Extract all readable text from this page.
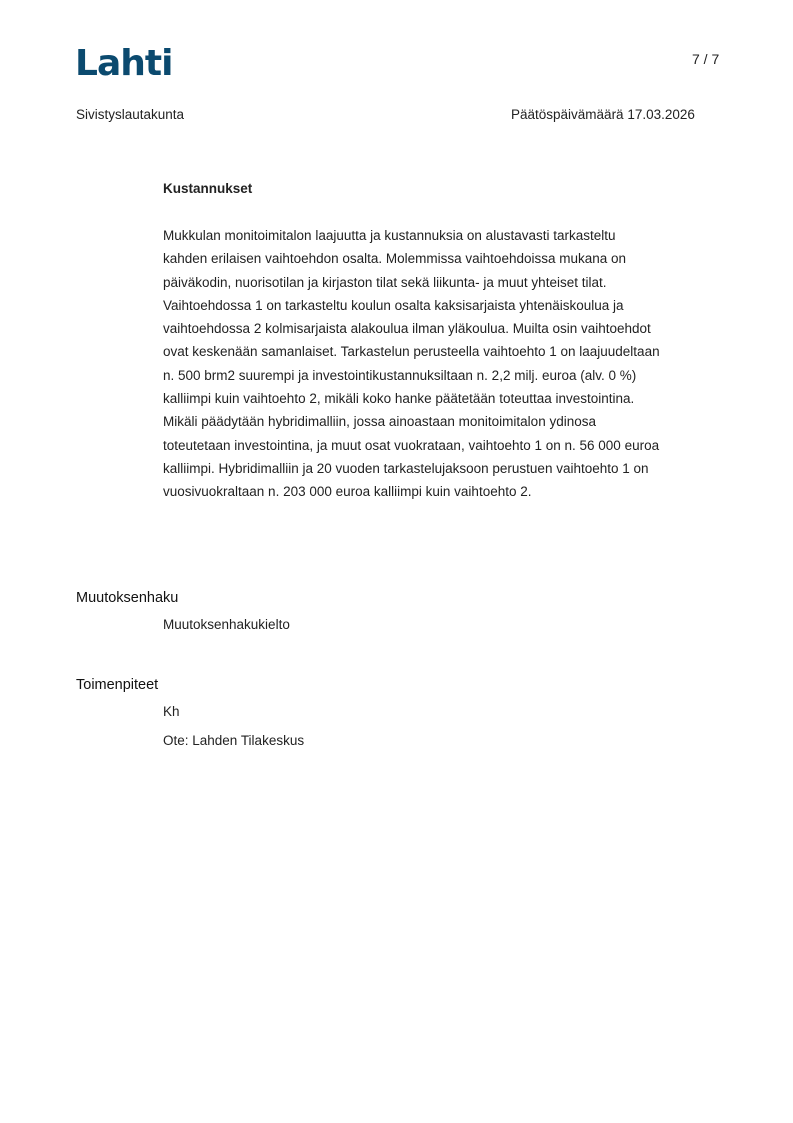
Lahti	7 / 7
Sivistyslautakunta	Päätöspäivämäärä 17.03.2026
Kustannukset
Mukkulan monitoimitalon laajuutta ja kustannuksia on alustavasti tarkasteltu
kahden erilaisen vaihtoehdon osalta. Molemmissa vaihtoehdoissa mukana on
päiväkodin, nuorisotilan ja kirjaston tilat sekä liikunta- ja muut yhteiset tilat.
Vaihtoehdossa 1 on tarkasteltu koulun osalta kaksisarjaista yhtenäiskoulua ja
vaihtoehdossa 2 kolmisarjaista alakoulua ilman yläkoulua. Muilta osin vaihtoehdot
ovat keskenään samanlaiset. Tarkastelun perusteella vaihtoehto 1 on laajuudeltaan
n. 500 brm2 suurempi ja investointikustannuksiltaan n. 2,2 milj. euroa (alv. 0 %)
kalliimpi kuin vaihtoehto 2, mikäli koko hanke päätetään toteuttaa investointina.
Mikäli päädytään hybridimalliin, jossa ainoastaan monitoimitalon ydinosa
toteutetaan investointina, ja muut osat vuokrataan, vaihtoehto 1 on n. 56 000 euroa
kalliimpi. Hybridimalliin ja 20 vuoden tarkastelujaksoon perustuen vaihtoehto 1 on
vuosivuokraltaan n. 203 000 euroa kalliimpi kuin vaihtoehto 2.
Muutoksenhaku
Muutoksenhakukielto
Toimenpiteet
Kh
Ote: Lahden Tilakeskus
